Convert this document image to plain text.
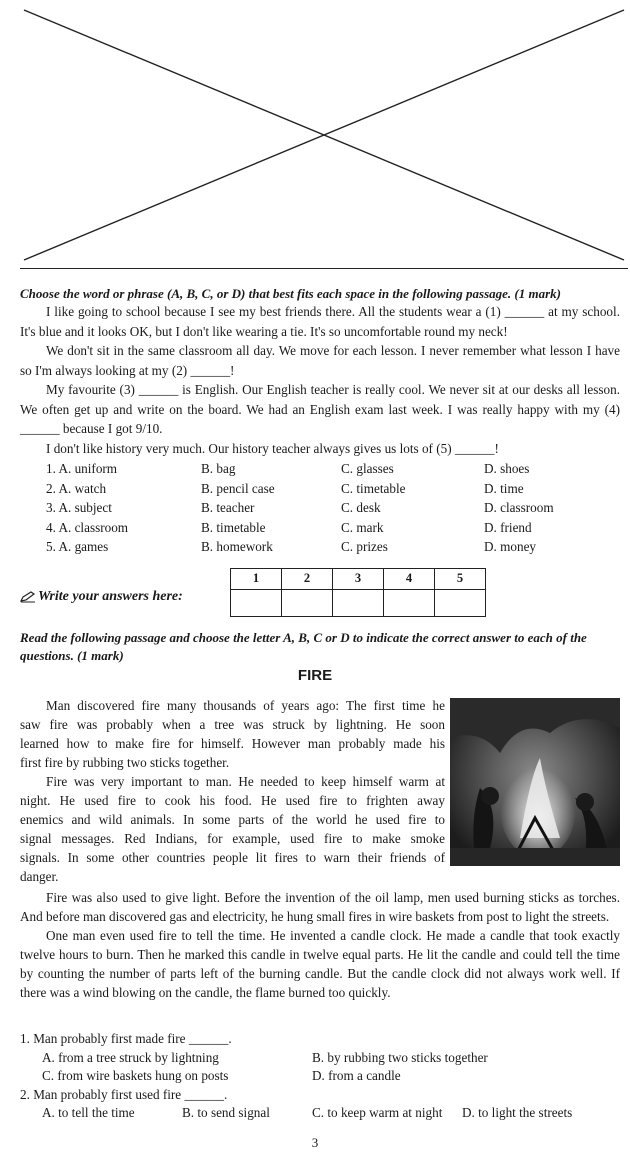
Choose the word or phrase (A, B, C, or D) that best fits each space in the following passage. (1 mark)

I like going to school because I see my best friends there. All the students wear a (1) ______ at my school. It's blue and it looks OK, but I don't like wearing a tie. It's so uncomfortable round my neck!

We don't sit in the same classroom all day. We move for each lesson. I never remember what lesson I have so I'm always looking at my (2) ______!

My favourite (3) ______ is English. Our English teacher is really cool. We never sit at our desks all lesson. We often get up and write on the board. We had an English exam last week. I was really happy with my (4) ______ because I got 9/10.

I don't like history very much. Our history teacher always gives us lots of (5) ______!

1. A. uniform	B. bag	C. glasses	D. shoes
2. A. watch	B. pencil case	C. timetable	D. time
3. A. subject	B. teacher	C. desk	D. classroom
4. A. classroom	B. timetable	C. mark	D. friend
5. A. games	B. homework	C. prizes	D. money
Write your answers here:
1	2	3	4	5

Read the following passage and choose the letter A, B, C or D to indicate the correct answer to each of the questions. (1 mark)
FIRE

Man discovered fire many thousands of years ago: The first time he

saw fire was probably when a tree was struck by lightning. He soon

learned how to make fire for himself. However man probably made his

first fire by rubbing two sticks together.

Fire was very important to man. He needed to keep himself warm at

night. He used fire to cook his food. He used fire to frighten away

enemics and wild animals. In some parts of the world he used fire to

signal messages. Red Indians, for example, used fire to make smoke

signals. In some other countries people lit fires to warn their friends of

danger.

Fire was also used to give light. Before the invention of the oil lamp, men used burning sticks as torches. And before man discovered gas and electricity, he hung small fires in wire baskets from post to light the streets.

One man even used fire to tell the time. He invented a candle clock. He made a candle that took exactly twelve hours to burn. Then he marked this candle in twelve equal parts. He lit the candle and could tell the time by counting the number of parts left of the burning candle. But the candle clock did not always work well. If there was a wind blowing on the candle, the flame burned too quickly.

1. Man probably first made fire ______.

A. from a tree struck by lightning	B. by rubbing two sticks together
C. from wire baskets hung on posts	D. from a candle

2. Man probably first used fire ______.

A. to tell the time	B. to send signal	C. to keep warm at night	D. to light the streets
3
